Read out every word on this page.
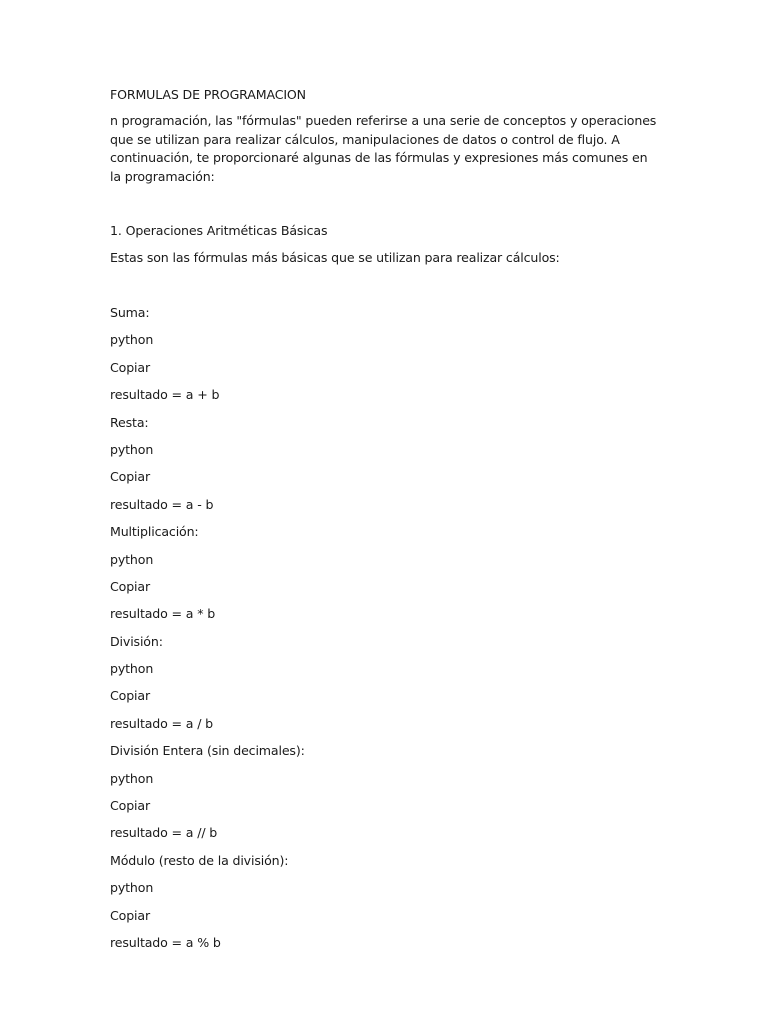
FORMULAS DE PROGRAMACION

n programación, las "fórmulas" pueden referirse a una serie de conceptos y operaciones que se utilizan para realizar cálculos, manipulaciones de datos o control de flujo. A continuación, te proporcionaré algunas de las fórmulas y expresiones más comunes en la programación:

1. Operaciones Aritméticas Básicas

Estas son las fórmulas más básicas que se utilizan para realizar cálculos:

Suma:

python

Copiar

resultado = a + b

Resta:

python

Copiar

resultado = a - b

Multiplicación:

python

Copiar

resultado = a * b

División:

python

Copiar

resultado = a / b

División Entera (sin decimales):

python

Copiar

resultado = a // b

Módulo (resto de la división):

python

Copiar

resultado = a % b
